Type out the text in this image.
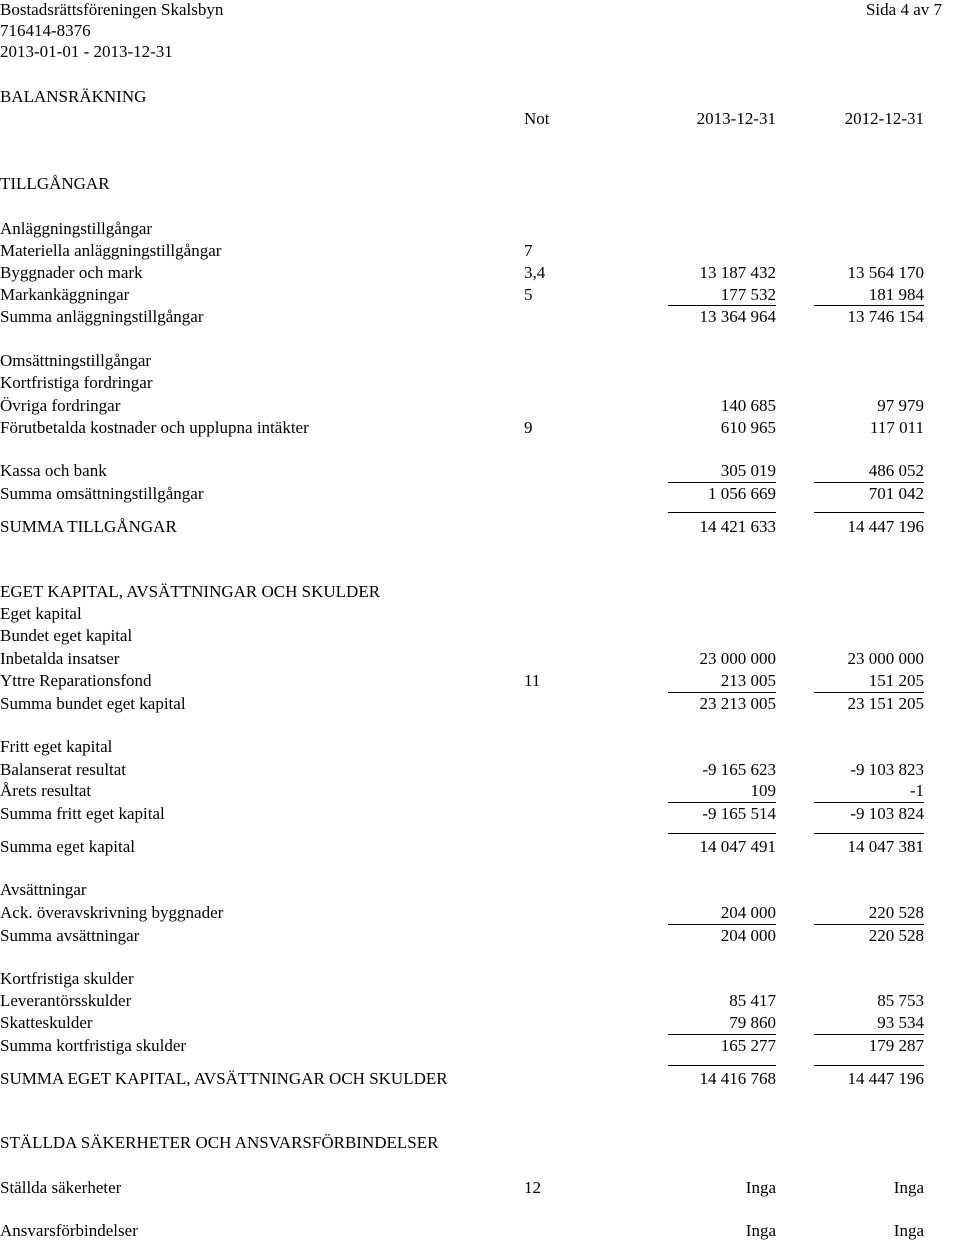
Bostadsrättsföreningen Skalsbyn	Sida 4 av 7
716414-8376
2013-01-01 - 2013-12-31
BALANSRÄKNING
Not	2013-12-31	2012-12-31
TILLGÅNGAR
Anläggningstillgångar
Materiella anläggningstillgångar	7
Byggnader och mark	3,4	13 187 432	13 564 170
Markankäggningar	5	177 532	181 984
Summa anläggningstillgångar	13 364 964	13 746 154
Omsättningstillgångar
Kortfristiga fordringar
Övriga fordringar	140 685	97 979
Förutbetalda kostnader och upplupna intäkter	9	610 965	117 011
Kassa och bank	305 019	486 052
Summa omsättningstillgångar	1 056 669	701 042
SUMMA TILLGÅNGAR	14 421 633	14 447 196
EGET KAPITAL, AVSÄTTNINGAR OCH SKULDER
Eget kapital
Bundet eget kapital
Inbetalda insatser	23 000 000	23 000 000
Yttre Reparationsfond	11	213 005	151 205
Summa bundet eget kapital	23 213 005	23 151 205
Fritt eget kapital
Balanserat resultat	-9 165 623	-9 103 823
Årets resultat	109	-1
Summa fritt eget kapital	-9 165 514	-9 103 824
Summa eget kapital	14 047 491	14 047 381
Avsättningar
Ack. överavskrivning byggnader	204 000	220 528
Summa avsättningar	204 000	220 528
Kortfristiga skulder
Leverantörsskulder	85 417	85 753
Skatteskulder	79 860	93 534
Summa kortfristiga skulder	165 277	179 287
SUMMA EGET KAPITAL, AVSÄTTNINGAR OCH SKULDER	14 416 768	14 447 196
STÄLLDA SÄKERHETER OCH ANSVARSFÖRBINDELSER
Ställda säkerheter	12	Inga	Inga
Ansvarsförbindelser	Inga	Inga
